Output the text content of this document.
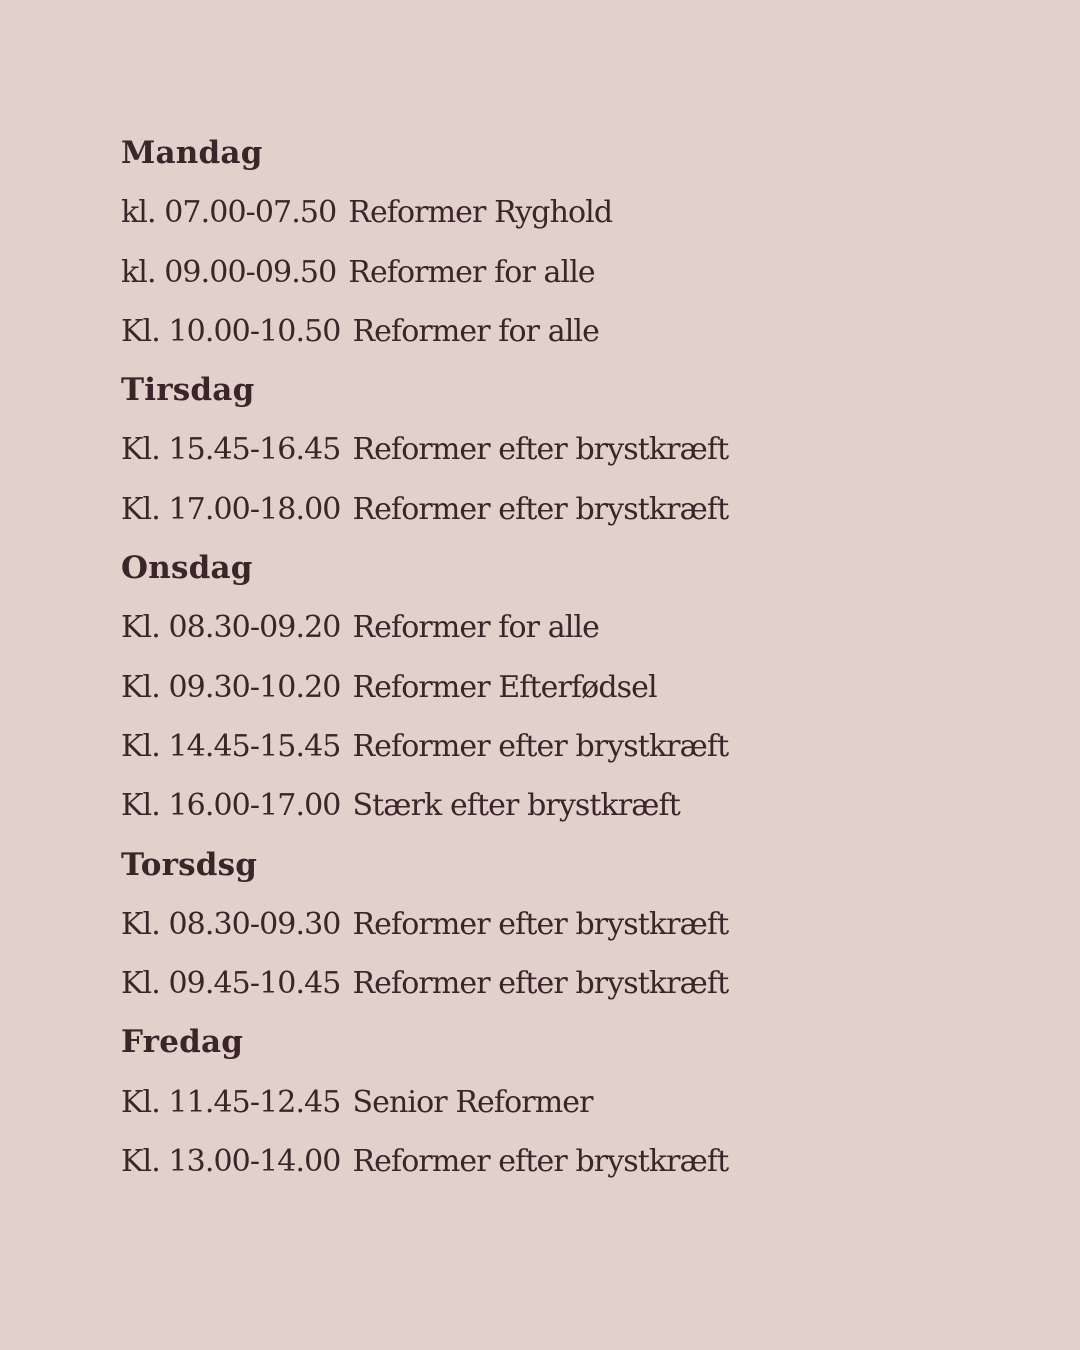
Mandag
kl. 07.00-07.50 Reformer Ryghold
kl. 09.00-09.50 Reformer for alle
Kl. 10.00-10.50 Reformer for alle
Tirsdag
Kl. 15.45-16.45 Reformer efter brystkræft
Kl. 17.00-18.00 Reformer efter brystkræft
Onsdag
Kl. 08.30-09.20 Reformer for alle
Kl. 09.30-10.20 Reformer Efterfødsel
Kl. 14.45-15.45 Reformer efter brystkræft
Kl. 16.00-17.00 Stærk efter brystkræft
Torsdsg
Kl. 08.30-09.30 Reformer efter brystkræft
Kl. 09.45-10.45 Reformer efter brystkræft
Fredag
Kl. 11.45-12.45 Senior Reformer
Kl. 13.00-14.00 Reformer efter brystkræft
